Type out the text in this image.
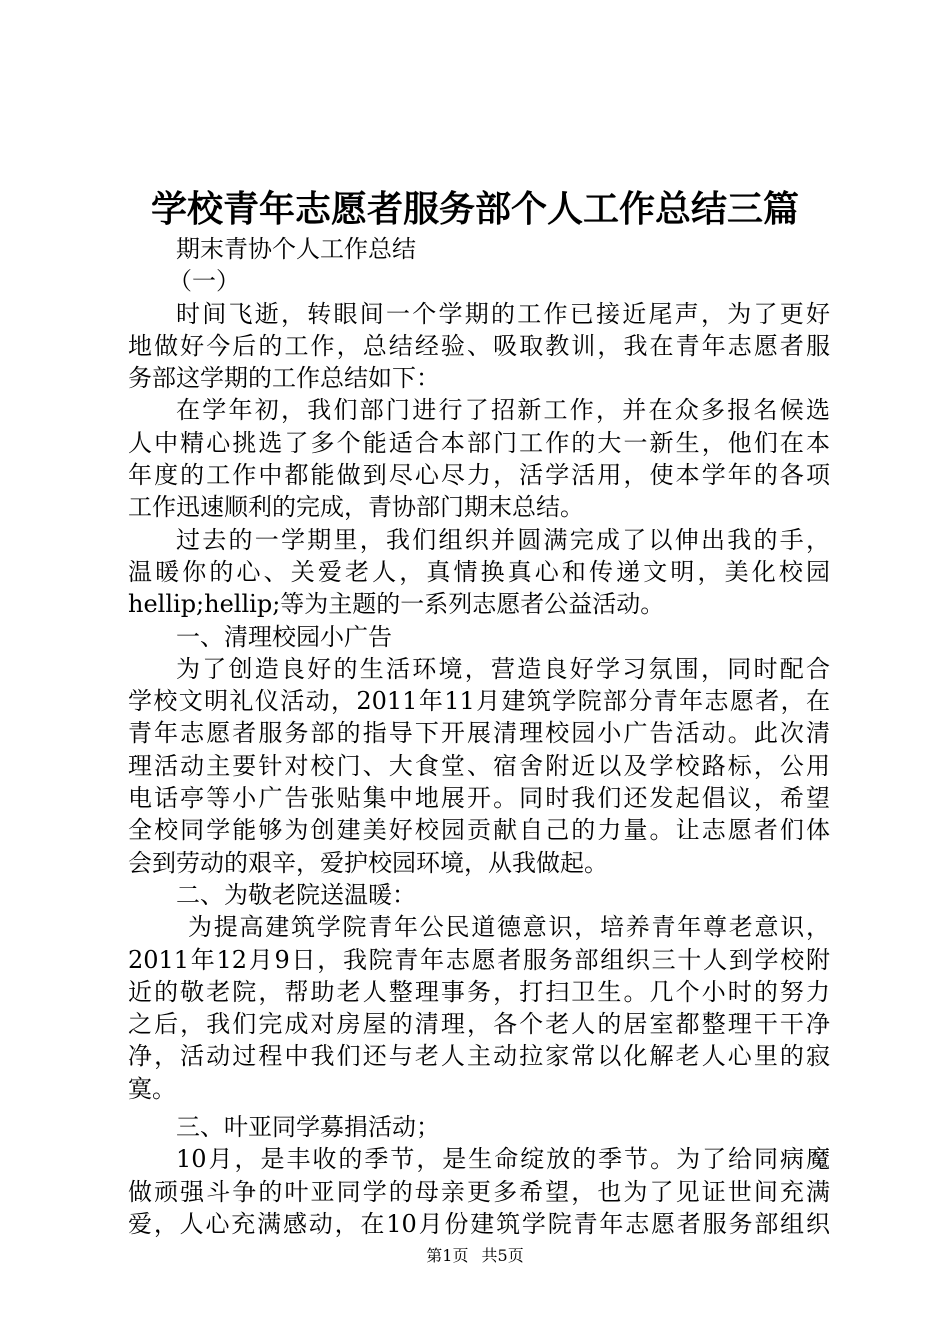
学校青年志愿者服务部个人工作总结三篇
期末青协个人工作总结
（一）
时间飞逝，转眼间一个学期的工作已接近尾声，为了更好
地做好今后的工作，总结经验、吸取教训，我在青年志愿者服
务部这学期的工作总结如下：
在学年初，我们部门进行了招新工作，并在众多报名候选
人中精心挑选了多个能适合本部门工作的大一新生，他们在本
年度的工作中都能做到尽心尽力，活学活用，使本学年的各项
工作迅速顺利的完成，青协部门期末总结。
过去的一学期里，我们组织并圆满完成了以伸出我的手，
温暖你的心、关爱老人，真情换真心和传递文明，美化校园
hellip;hellip;等为主题的一系列志愿者公益活动。
一、清理校园小广告
为了创造良好的生活环境，营造良好学习氛围，同时配合
学校文明礼仪活动，2011年11月建筑学院部分青年志愿者，在
青年志愿者服务部的指导下开展清理校园小广告活动。此次清
理活动主要针对校门、大食堂、宿舍附近以及学校路标，公用
电话亭等小广告张贴集中地展开。同时我们还发起倡议，希望
全校同学能够为创建美好校园贡献自己的力量。让志愿者们体
会到劳动的艰辛，爱护校园环境，从我做起。
二、为敬老院送温暖：
为提高建筑学院青年公民道德意识，培养青年尊老意识，
2011年12月9日，我院青年志愿者服务部组织三十人到学校附
近的敬老院，帮助老人整理事务，打扫卫生。几个小时的努力
之后，我们完成对房屋的清理，各个老人的居室都整理干干净
净，活动过程中我们还与老人主动拉家常以化解老人心里的寂
寞。
三、叶亚同学募捐活动；
10月，是丰收的季节，是生命绽放的季节。为了给同病魔
做顽强斗争的叶亚同学的母亲更多希望，也为了见证世间充满
爱，人心充满感动，在10月份建筑学院青年志愿者服务部组织
第1页 共5页
